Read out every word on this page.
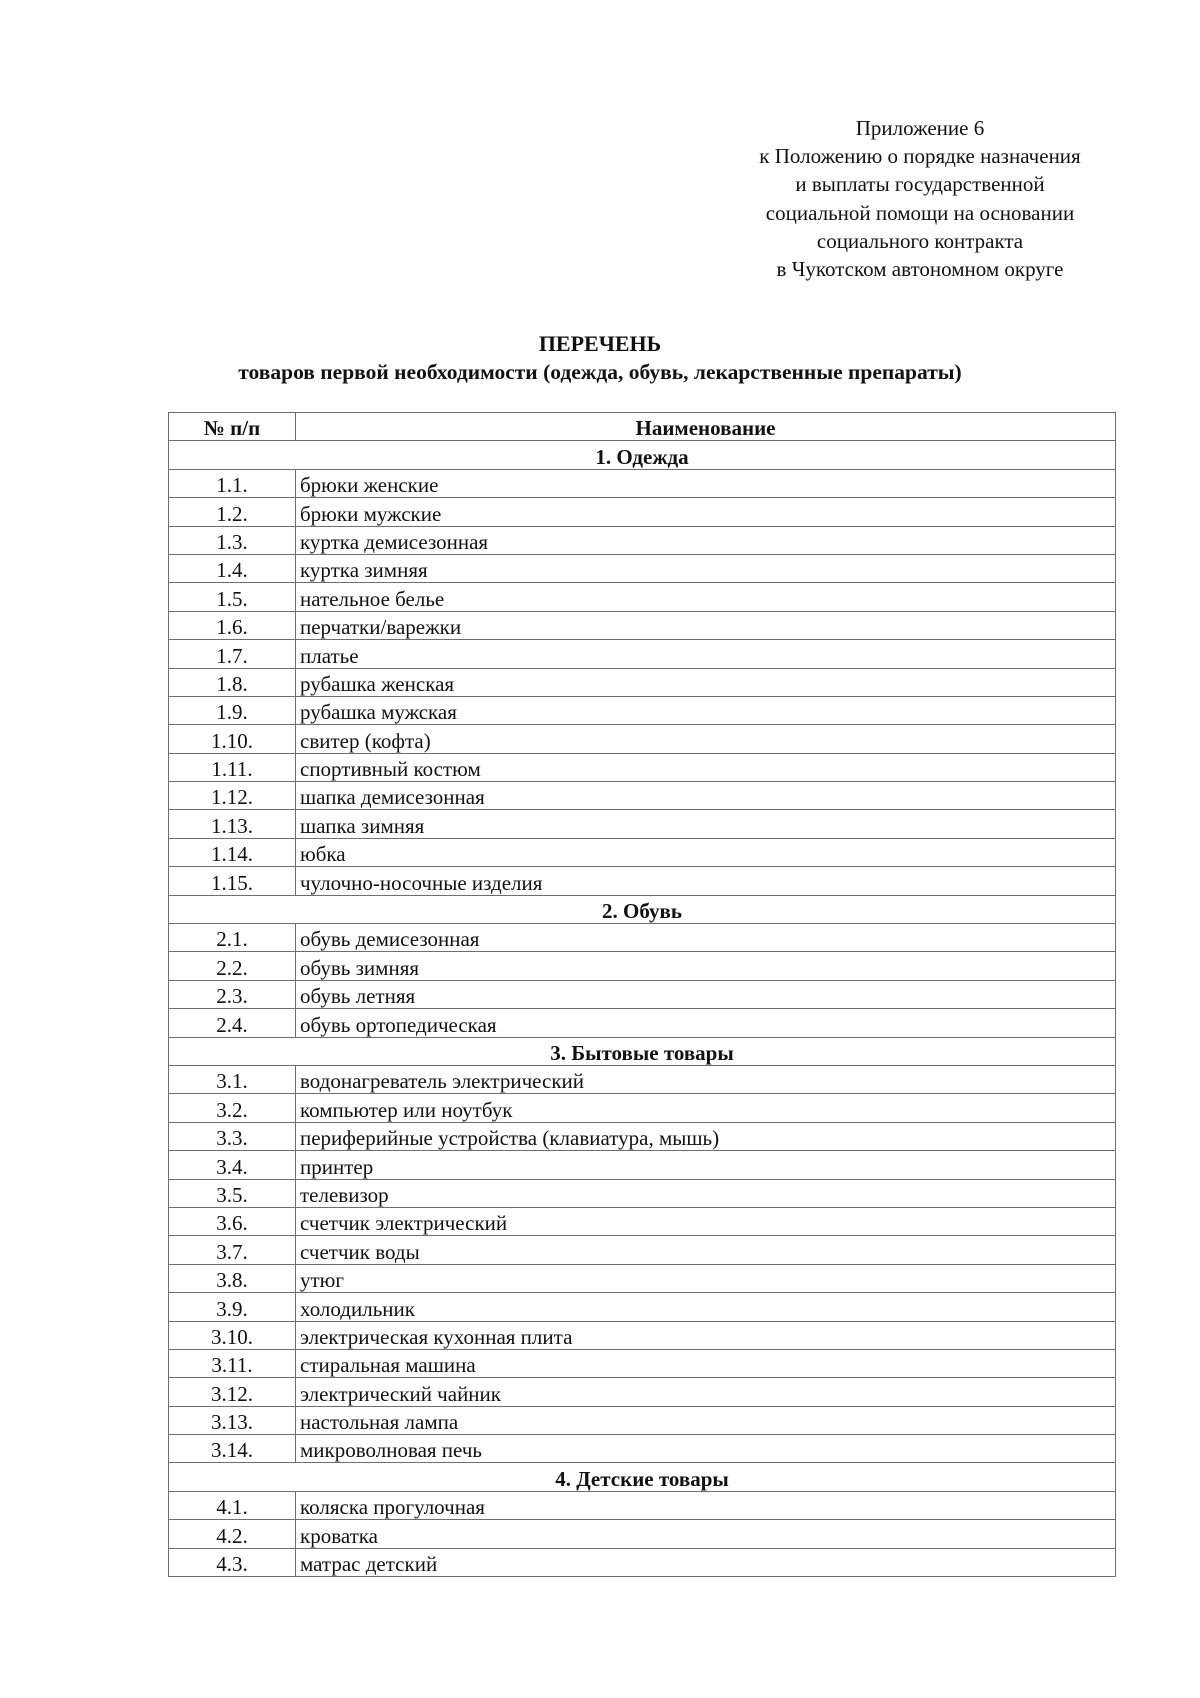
Приложение 6
к Положению о порядке назначения
и выплаты государственной
социальной помощи на основании
социального контракта
в Чукотском автономном округе
ПЕРЕЧЕНЬ
товаров первой необходимости (одежда, обувь, лекарственные препараты)
№ п/п	Наименование
1. Одежда	
1.1.	брюки женские
1.2.	брюки мужские
1.3.	куртка демисезонная
1.4.	куртка зимняя
1.5.	нательное белье
1.6.	перчатки/варежки
1.7.	платье
1.8.	рубашка женская
1.9.	рубашка мужская
1.10.	свитер (кофта)
1.11.	спортивный костюм
1.12.	шапка демисезонная
1.13.	шапка зимняя
1.14.	юбка
1.15.	чулочно-носочные изделия
2. Обувь	
2.1.	обувь демисезонная
2.2.	обувь зимняя
2.3.	обувь летняя
2.4.	обувь ортопедическая
3. Бытовые товары	
3.1.	водонагреватель электрический
3.2.	компьютер или ноутбук
3.3.	периферийные устройства (клавиатура, мышь)
3.4.	принтер
3.5.	телевизор
3.6.	счетчик электрический
3.7.	счетчик воды
3.8.	утюг
3.9.	холодильник
3.10.	электрическая кухонная плита
3.11.	стиральная машина
3.12.	электрический чайник
3.13.	настольная лампа
3.14.	микроволновая печь
4. Детские товары	
4.1.	коляска прогулочная
4.2.	кроватка
4.3.	матрас детский
